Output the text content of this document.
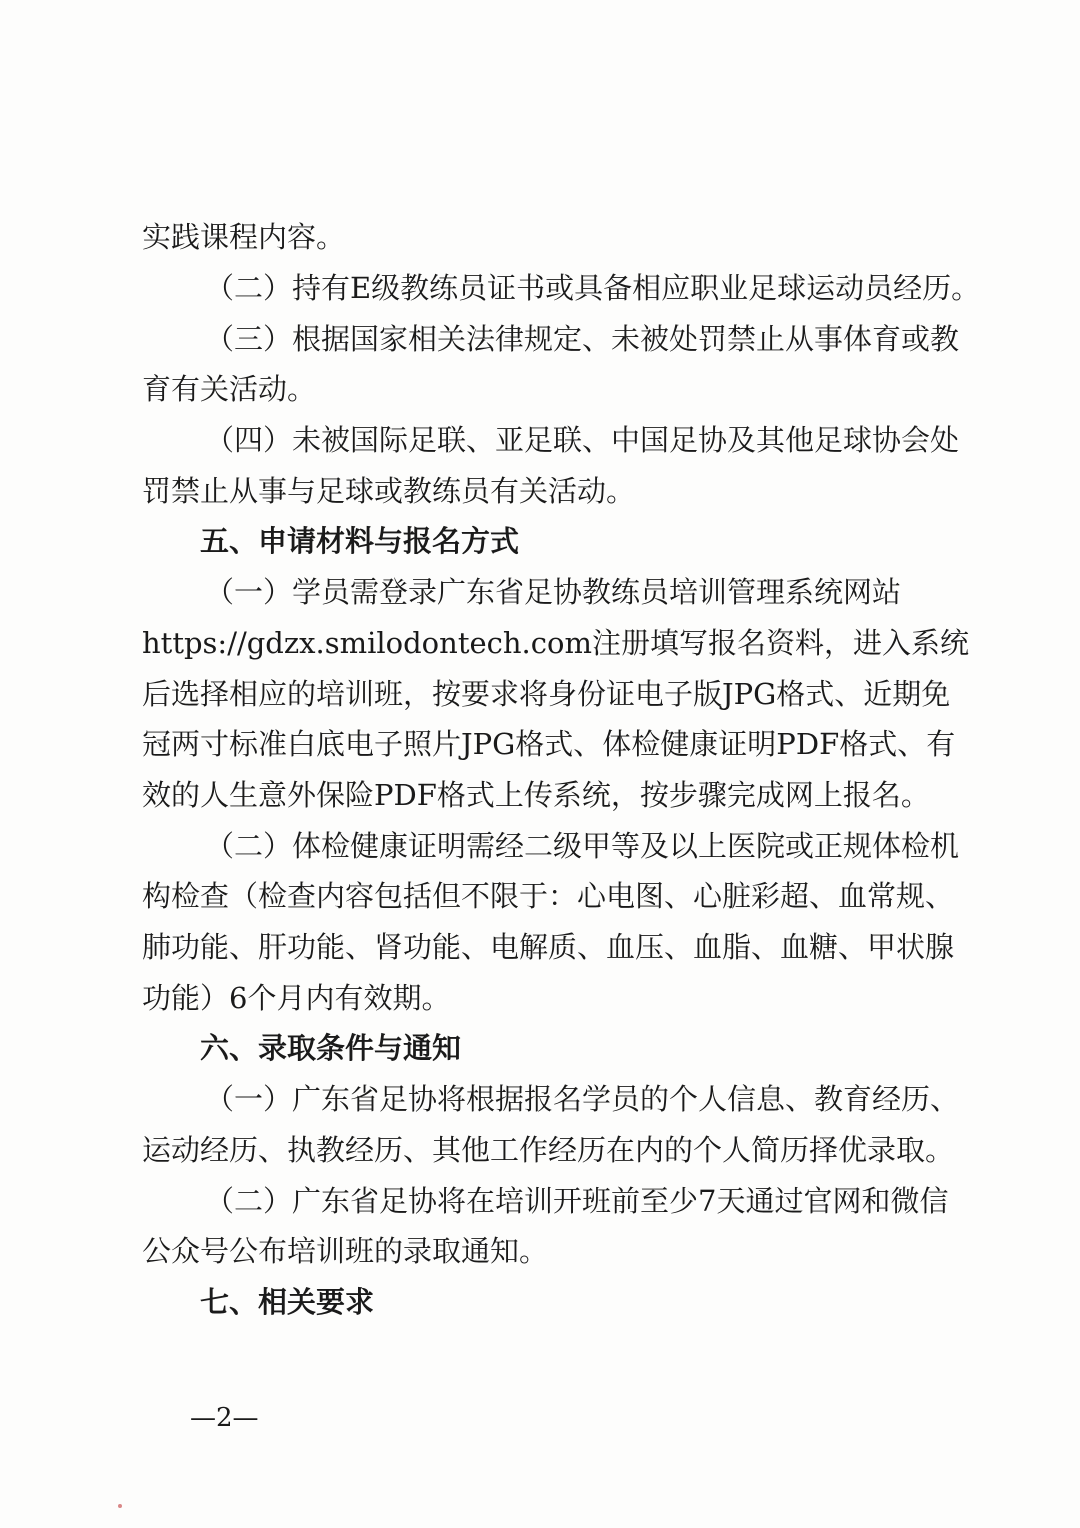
实践课程内容。
（二）持有E级教练员证书或具备相应职业足球运动员经历。
（三）根据国家相关法律规定、未被处罚禁止从事体育或教
育有关活动。
（四）未被国际足联、亚足联、中国足协及其他足球协会处
罚禁止从事与足球或教练员有关活动。
五、申请材料与报名方式
（一）学员需登录广东省足协教练员培训管理系统网站
https://gdzx.smilodontech.com注册填写报名资料，进入系统
后选择相应的培训班，按要求将身份证电子版JPG格式、近期免
冠两寸标准白底电子照片JPG格式、体检健康证明PDF格式、有
效的人生意外保险PDF格式上传系统，按步骤完成网上报名。
（二）体检健康证明需经二级甲等及以上医院或正规体检机
构检查（检查内容包括但不限于：心电图、心脏彩超、血常规、
肺功能、肝功能、肾功能、电解质、血压、血脂、血糖、甲状腺
功能）6个月内有效期。
六、录取条件与通知
（一）广东省足协将根据报名学员的个人信息、教育经历、
运动经历、执教经历、其他工作经历在内的个人简历择优录取。
（二）广东省足协将在培训开班前至少7天通过官网和微信
公众号公布培训班的录取通知。
七、相关要求
—2—
